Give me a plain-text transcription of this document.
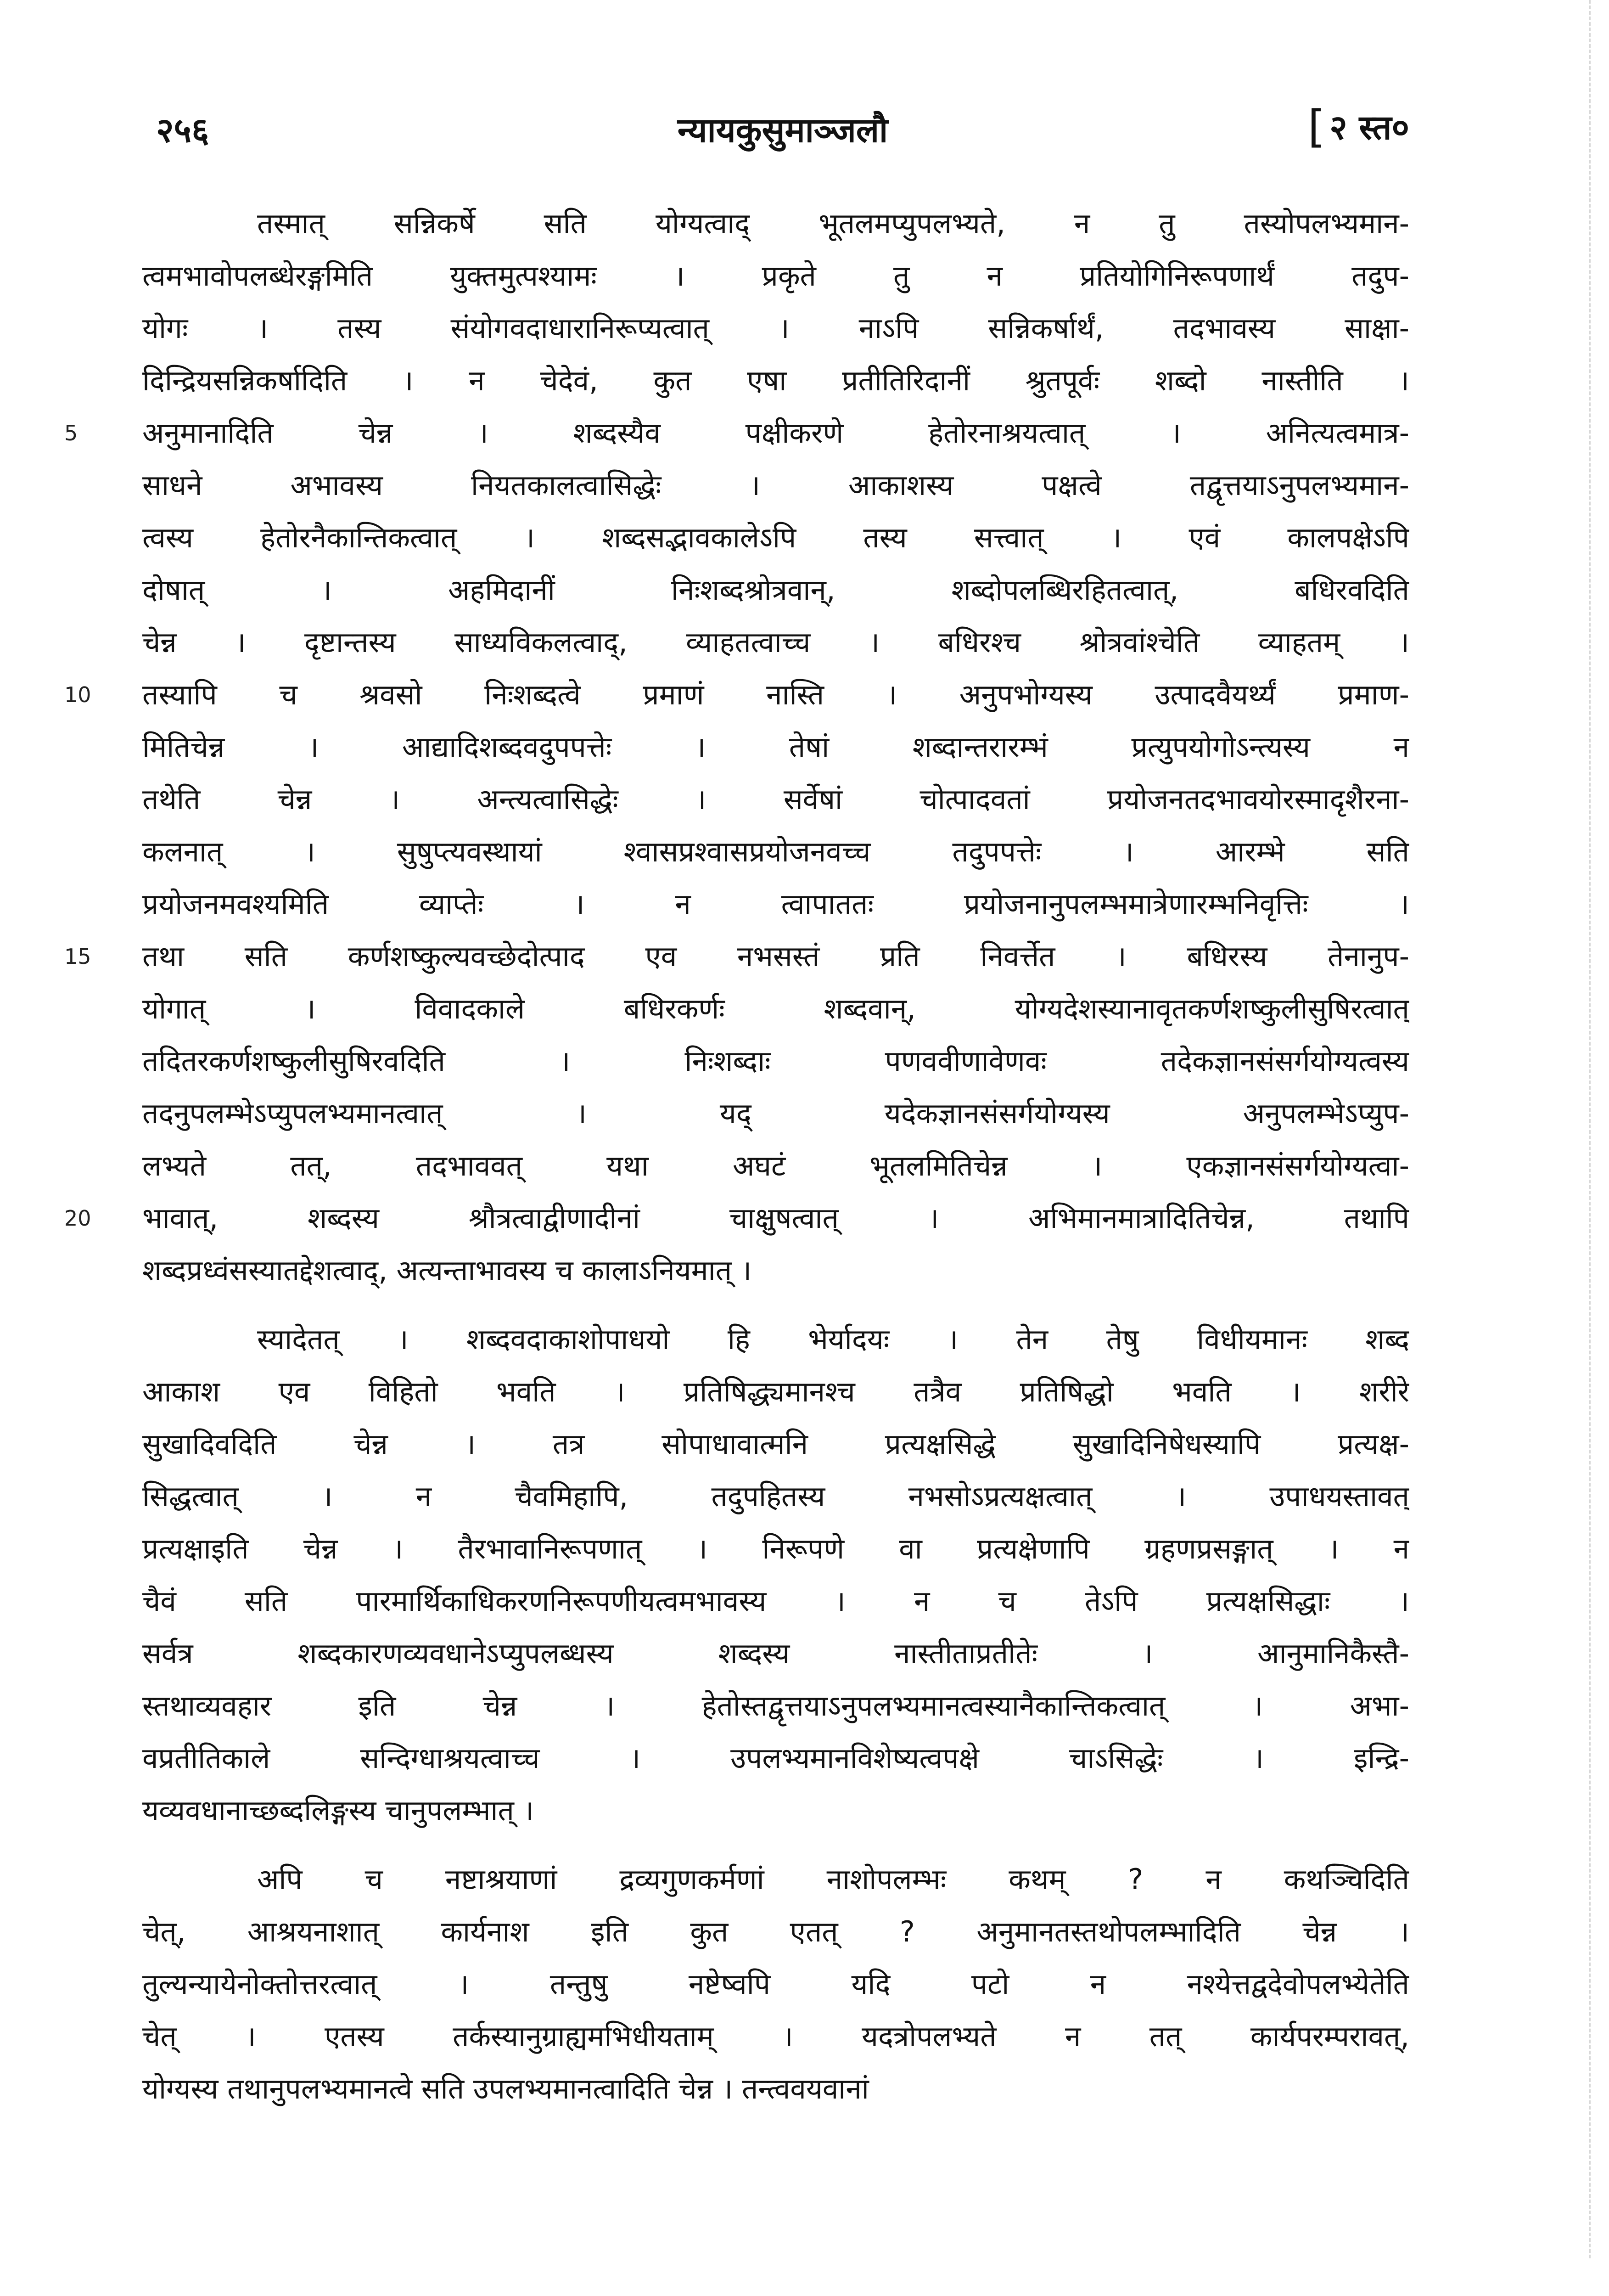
२५६	न्यायकुसुमाञ्जलौ	[ २ स्त०
तस्मात् सन्निकर्षे सति योग्यत्वाद् भूतलमप्युपलभ्यते, न तु तस्योपलभ्यमान-
त्वमभावोपलब्धेरङ्गमिति युक्तमुत्पश्यामः । प्रकृते तु न प्रतियोगिनिरूपणार्थं तदुप-
योगः । तस्य संयोगवदाधारानिरूप्यत्वात् । नाऽपि सन्निकर्षार्थं, तदभावस्य साक्षा-
दिन्द्रियसन्निकर्षादिति । न चेदेवं, कुत एषा प्रतीतिरिदानीं श्रुतपूर्वः शब्दो नास्तीति ।
अनुमानादिति चेन्न । शब्दस्यैव पक्षीकरणे हेतोरनाश्रयत्वात् । अनित्यत्वमात्र-
साधने अभावस्य नियतकालत्वासिद्धेः । आकाशस्य पक्षत्वे तद्वृत्तयाऽनुपलभ्यमान-
त्वस्य हेतोरनैकान्तिकत्वात् । शब्दसद्भावकालेऽपि तस्य सत्त्वात् । एवं कालपक्षेऽपि
दोषात् । अहमिदानीं निःशब्दश्रोत्रवान्, शब्दोपलब्धिरहितत्वात्, बधिरवदिति
चेन्न । दृष्टान्तस्य साध्यविकलत्वाद्, व्याहतत्वाच्च । बधिरश्च श्रोत्रवांश्चेति व्याहतम् ।
तस्यापि च श्रवसो निःशब्दत्वे प्रमाणं नास्ति । अनुपभोग्यस्य उत्पादवैयर्थ्यं प्रमाण-
मितिचेन्न । आद्यादिशब्दवदुपपत्तेः । तेषां शब्दान्तरारम्भं प्रत्युपयोगोऽन्त्यस्य न
तथेति चेन्न । अन्त्यत्वासिद्धेः । सर्वेषां चोत्पादवतां प्रयोजनतदभावयोरस्मादृशैरना-
कलनात् । सुषुप्त्यवस्थायां श्वासप्रश्वासप्रयोजनवच्च तदुपपत्तेः । आरम्भे सति
प्रयोजनमवश्यमिति व्याप्तेः । न त्वापाततः प्रयोजनानुपलम्भमात्रेणारम्भनिवृत्तिः ।
तथा सति कर्णशष्कुल्यवच्छेदोत्पाद एव नभसस्तं प्रति निवर्त्तेत । बधिरस्य तेनानुप-
योगात् । विवादकाले बधिरकर्णः शब्दवान्, योग्यदेशस्यानावृतकर्णशष्कुलीसुषिरत्वात्
तदितरकर्णशष्कुलीसुषिरवदिति । निःशब्दाः पणववीणावेणवः तदेकज्ञानसंसर्गयोग्यत्वस्य
तदनुपलम्भेऽप्युपलभ्यमानत्वात् । यद् यदेकज्ञानसंसर्गयोग्यस्य अनुपलम्भेऽप्युप-
लभ्यते तत्, तदभाववत् यथा अघटं भूतलमितिचेन्न । एकज्ञानसंसर्गयोग्यत्वा-
भावात्, शब्दस्य श्रौत्रत्वाद्वीणादीनां चाक्षुषत्वात् । अभिमानमात्रादितिचेन्न, तथापि
शब्दप्रध्वंसस्यातद्देशत्वाद्, अत्यन्ताभावस्य च कालाऽनियमात् ।
स्यादेतत् । शब्दवदाकाशोपाधयो हि भेर्यादयः । तेन तेषु विधीयमानः शब्द
आकाश एव विहितो भवति । प्रतिषिद्ध्यमानश्च तत्रैव प्रतिषिद्धो भवति । शरीरे
सुखादिवदिति चेन्न । तत्र सोपाधावात्मनि प्रत्यक्षसिद्धे सुखादिनिषेधस्यापि प्रत्यक्ष-
सिद्धत्वात् । न चैवमिहापि, तदुपहितस्य नभसोऽप्रत्यक्षत्वात् । उपाधयस्तावत्
प्रत्यक्षाइति चेन्न । तैरभावानिरूपणात् । निरूपणे वा प्रत्यक्षेणापि ग्रहणप्रसङ्गात् । न
चैवं सति पारमार्थिकाधिकरणनिरूपणीयत्वमभावस्य । न च तेऽपि प्रत्यक्षसिद्धाः ।
सर्वत्र शब्दकारणव्यवधानेऽप्युपलब्धस्य शब्दस्य नास्तीताप्रतीतेः । आनुमानिकैस्तै-
स्तथाव्यवहार इति चेन्न । हेतोस्तद्वृत्तयाऽनुपलभ्यमानत्वस्यानैकान्तिकत्वात् । अभा-
वप्रतीतिकाले सन्दिग्धाश्रयत्वाच्च । उपलभ्यमानविशेष्यत्वपक्षे चाऽसिद्धेः । इन्द्रि-
यव्यवधानाच्छब्दलिङ्गस्य चानुपलम्भात् ।
अपि च नष्टाश्रयाणां द्रव्यगुणकर्मणां नाशोपलम्भः कथम् ? न कथञ्चिदिति
चेत्, आश्रयनाशात् कार्यनाश इति कुत एतत् ? अनुमानतस्तथोपलम्भादिति चेन्न ।
तुल्यन्यायेनोक्तोत्तरत्वात् । तन्तुषु नष्टेष्वपि यदि पटो न नश्येत्तद्वदेवोपलभ्येतेति
चेत् । एतस्य तर्कस्यानुग्राह्यमभिधीयताम् । यदत्रोपलभ्यते न तत् कार्यपरम्परावत्,
योग्यस्य तथानुपलभ्यमानत्वे सति उपलभ्यमानत्वादिति चेन्न । तन्त्ववयवानां
5
10
15
20
